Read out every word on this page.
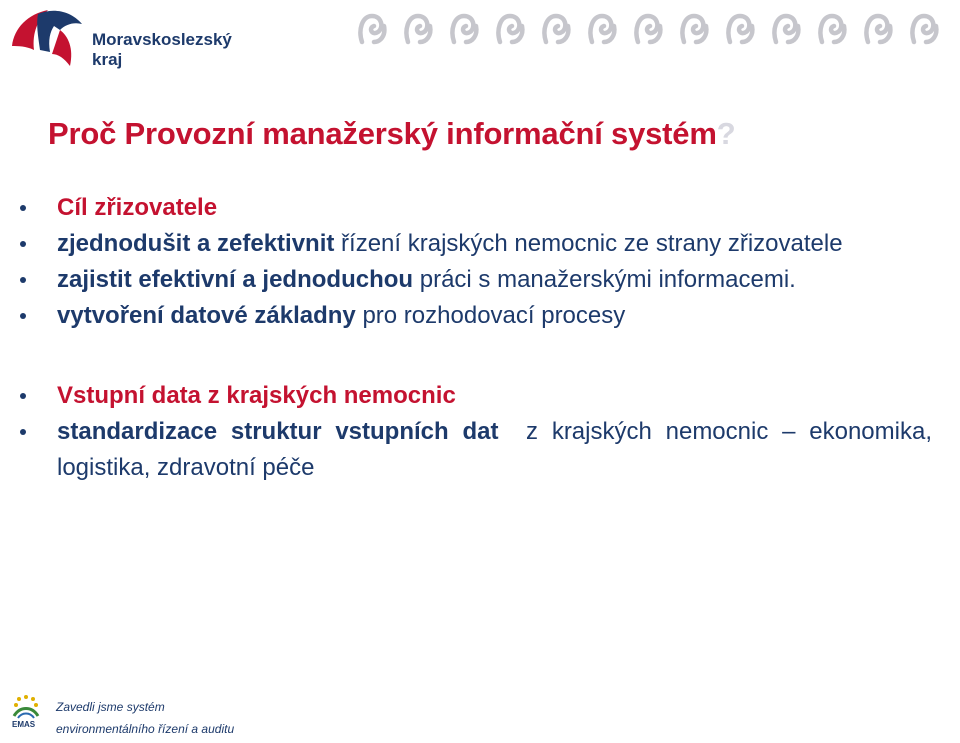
Moravskoslezský
kraj
Proč Provozní manažerský informační systém?

Cíl zřizovatele

zjednodušit a zefektivnit řízení krajských nemocnic ze strany zřizovatele

zajistit efektivní a jednoduchou práci s manažerskými informacemi.

vytvoření datové základny pro rozhodovací procesy

Vstupní data z krajských nemocnic

standardizace struktur vstupních dat  z krajských nemocnic – ekonomika, logistika, zdravotní péče

EMAS
Zavedli jsme systém
environmentálního řízení a auditu
